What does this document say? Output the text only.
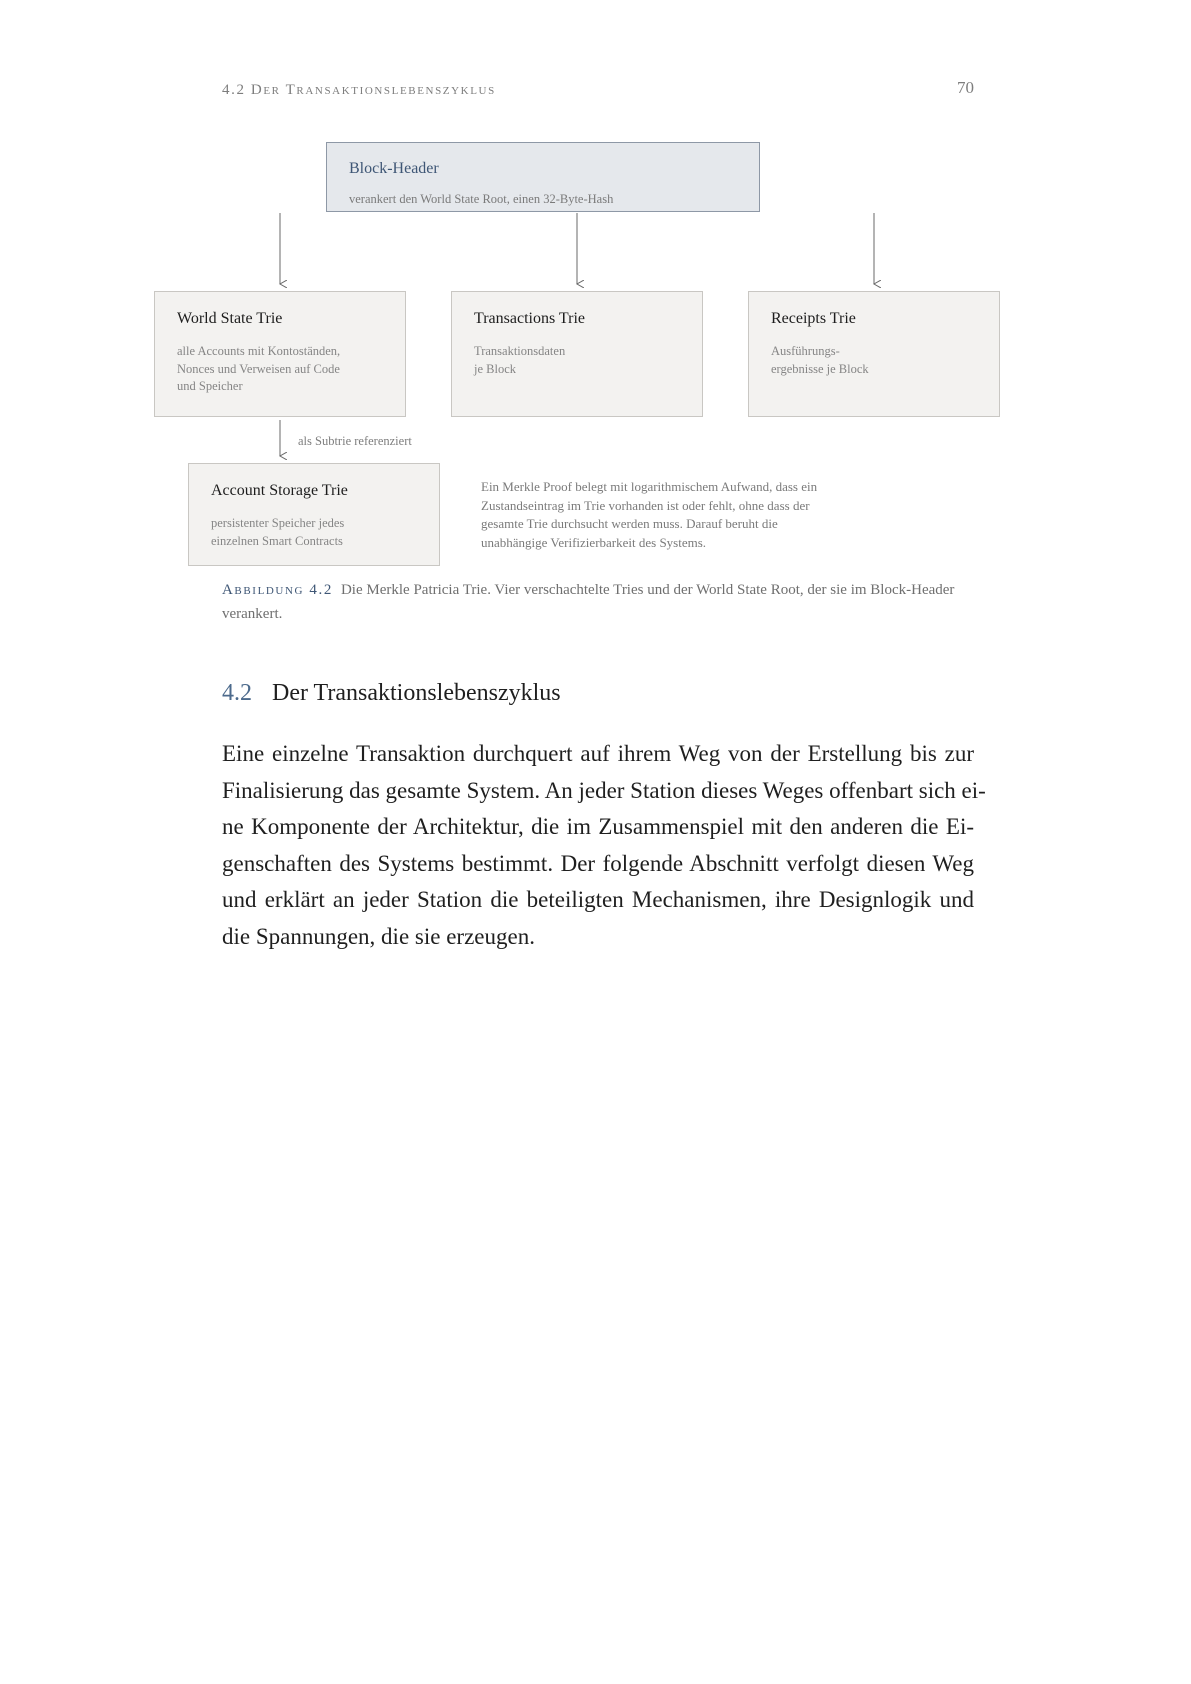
4.2 Der Transaktionslebenszyklus	70
Block-Header
verankert den World State Root, einen 32-Byte-Hash
World State Trie
alle Accounts mit Kontoständen,
Nonces und Verweisen auf Code
und Speicher
Transactions Trie
Transaktionsdaten
je Block
Receipts Trie
Ausführungs-
ergebnisse je Block
als Subtrie referenziert
Account Storage Trie
persistenter Speicher jedes
einzelnen Smart Contracts
Ein Merkle Proof belegt mit logarithmischem Aufwand, dass ein
Zustandseintrag im Trie vorhanden ist oder fehlt, ohne dass der
gesamte Trie durchsucht werden muss. Darauf beruht die
unabhängige Verifizierbarkeit des Systems.
Abbildung 4.2 Die Merkle Patricia Trie. Vier verschachtelte Tries und der World State Root, der sie im Block-Header verankert.
4.2 Der Transaktionslebenszyklus
Eine einzelne Transaktion durchquert auf ihrem Weg von der Erstellung bis zur
Finalisierung das gesamte System. An jeder Station dieses Weges offenbart sich ei-
ne Komponente der Architektur, die im Zusammenspiel mit den anderen die Ei-
genschaften des Systems bestimmt. Der folgende Abschnitt verfolgt diesen Weg
und erklärt an jeder Station die beteiligten Mechanismen, ihre Designlogik und
die Spannungen, die sie erzeugen.
